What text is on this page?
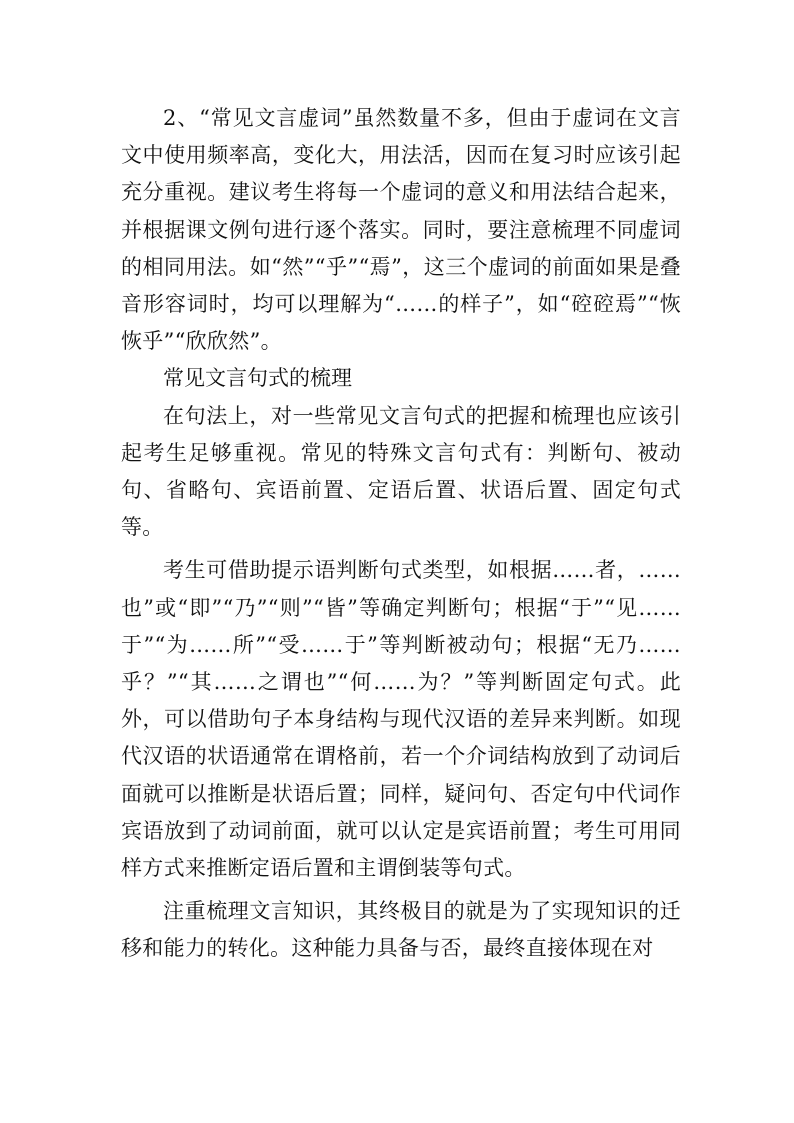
2、“常见文言虚词”虽然数量不多，但由于虚词在文言文中使用频率高，变化大，用法活，因而在复习时应该引起充分重视。建议考生将每一个虚词的意义和用法结合起来，并根据课文例句进行逐个落实。同时，要注意梳理不同虚词的相同用法。如“然”“乎”“焉”，这三个虚词的前面如果是叠音形容词时，均可以理解为“……的样子”，如“硿硿焉”“恢恢乎”“欣欣然”。

常见文言句式的梳理

在句法上，对一些常见文言句式的把握和梳理也应该引起考生足够重视。常见的特殊文言句式有：判断句、被动句、省略句、宾语前置、定语后置、状语后置、固定句式等。

考生可借助提示语判断句式类型，如根据……者，……也”或“即”“乃”“则”“皆”等确定判断句；根据“于”“见……于”“为……所”“受……于”等判断被动句；根据“无乃……乎？”“其……之谓也”“何……为？”等判断固定句式。此外，可以借助句子本身结构与现代汉语的差异来判断。如现代汉语的状语通常在谓格前，若一个介词结构放到了动词后面就可以推断是状语后置；同样，疑问句、否定句中代词作宾语放到了动词前面，就可以认定是宾语前置；考生可用同样方式来推断定语后置和主谓倒装等句式。

注重梳理文言知识，其终极目的就是为了实现知识的迁移和能力的转化。这种能力具备与否，最终直接体现在对
